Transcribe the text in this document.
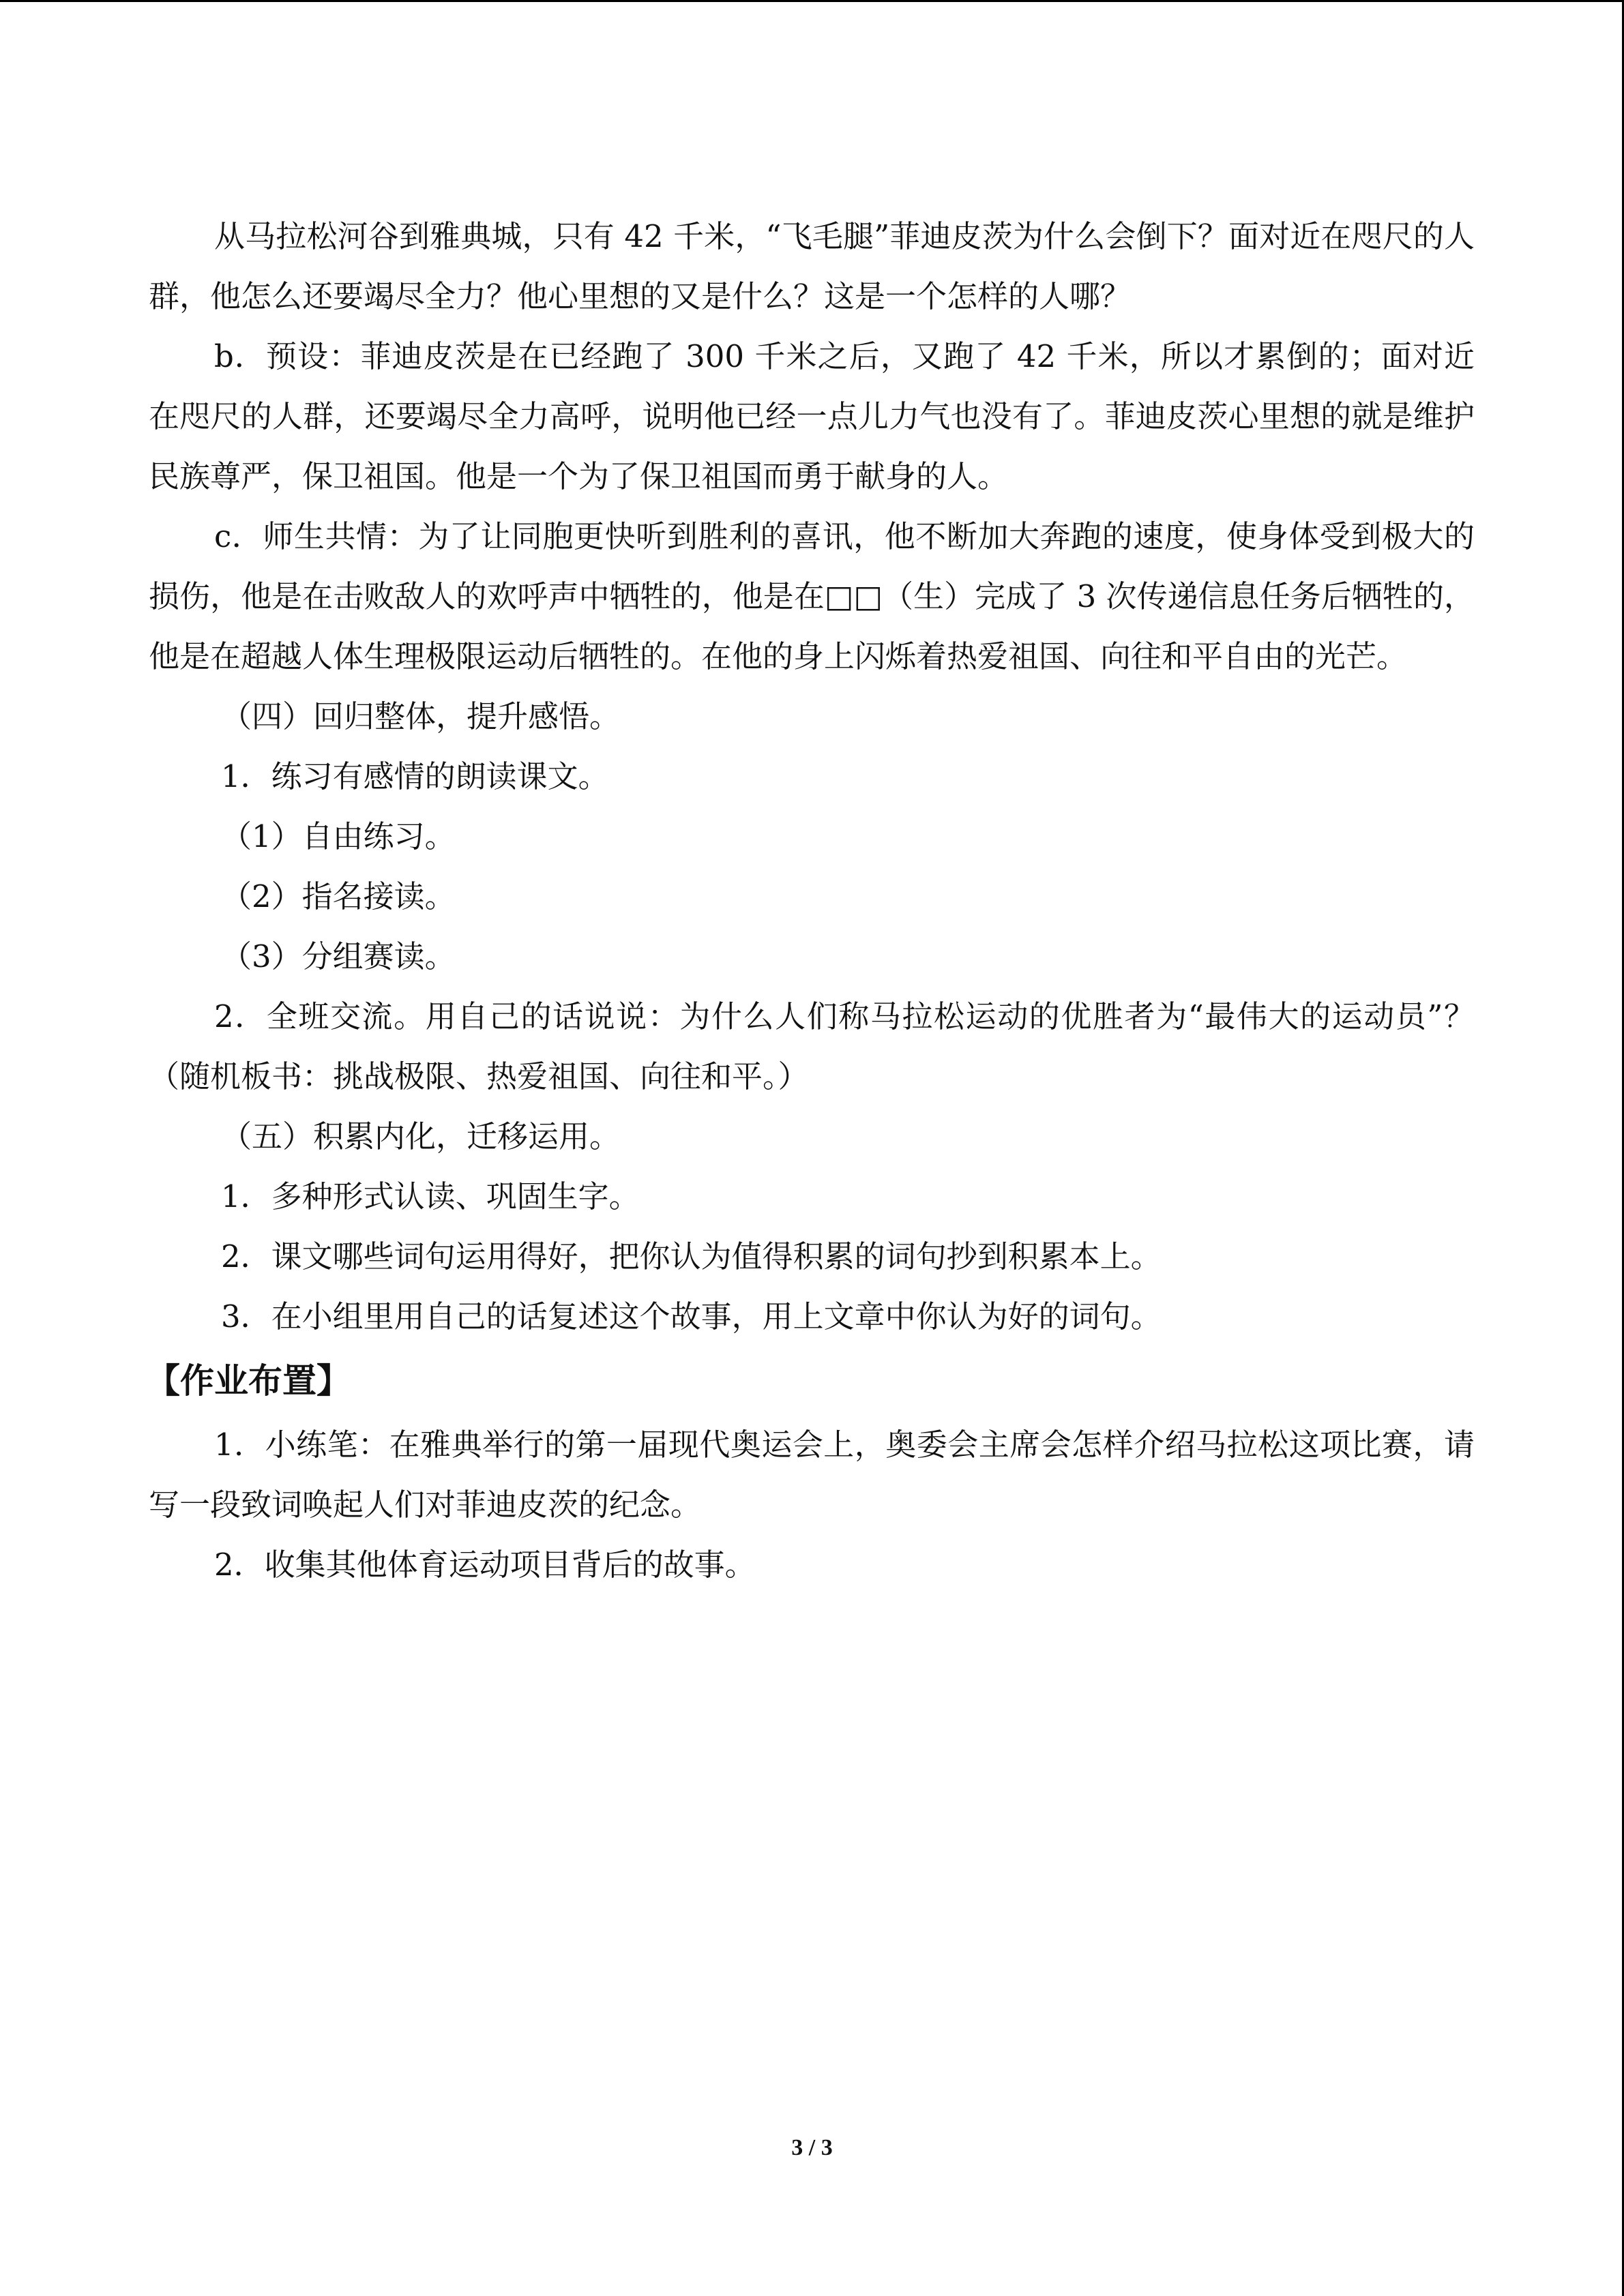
从马拉松河谷到雅典城，只有 42 千米，“飞毛腿”菲迪皮茨为什么会倒下？面对近在咫尺的人群，他怎么还要竭尽全力？他心里想的又是什么？这是一个怎样的人哪？

b．预设：菲迪皮茨是在已经跑了 300 千米之后，又跑了 42 千米，所以才累倒的；面对近在咫尺的人群，还要竭尽全力高呼，说明他已经一点儿力气也没有了。菲迪皮茨心里想的就是维护民族尊严，保卫祖国。他是一个为了保卫祖国而勇于献身的人。

c．师生共情：为了让同胞更快听到胜利的喜讯，他不断加大奔跑的速度，使身体受到极大的损伤，他是在击败敌人的欢呼声中牺牲的，他是在□□（生）完成了 3 次传递信息任务后牺牲的，他是在超越人体生理极限运动后牺牲的。在他的身上闪烁着热爱祖国、向往和平自由的光芒。

（四）回归整体，提升感悟。

1．练习有感情的朗读课文。

（1）自由练习。

（2）指名接读。

（3）分组赛读。

2．全班交流。用自己的话说说：为什么人们称马拉松运动的优胜者为“最伟大的运动员”？（随机板书：挑战极限、热爱祖国、向往和平。）

（五）积累内化，迁移运用。

1．多种形式认读、巩固生字。

2．课文哪些词句运用得好，把你认为值得积累的词句抄到积累本上。

3．在小组里用自己的话复述这个故事，用上文章中你认为好的词句。

【作业布置】

1．小练笔：在雅典举行的第一届现代奥运会上，奥委会主席会怎样介绍马拉松这项比赛，请写一段致词唤起人们对菲迪皮茨的纪念。

2．收集其他体育运动项目背后的故事。

3 / 3
